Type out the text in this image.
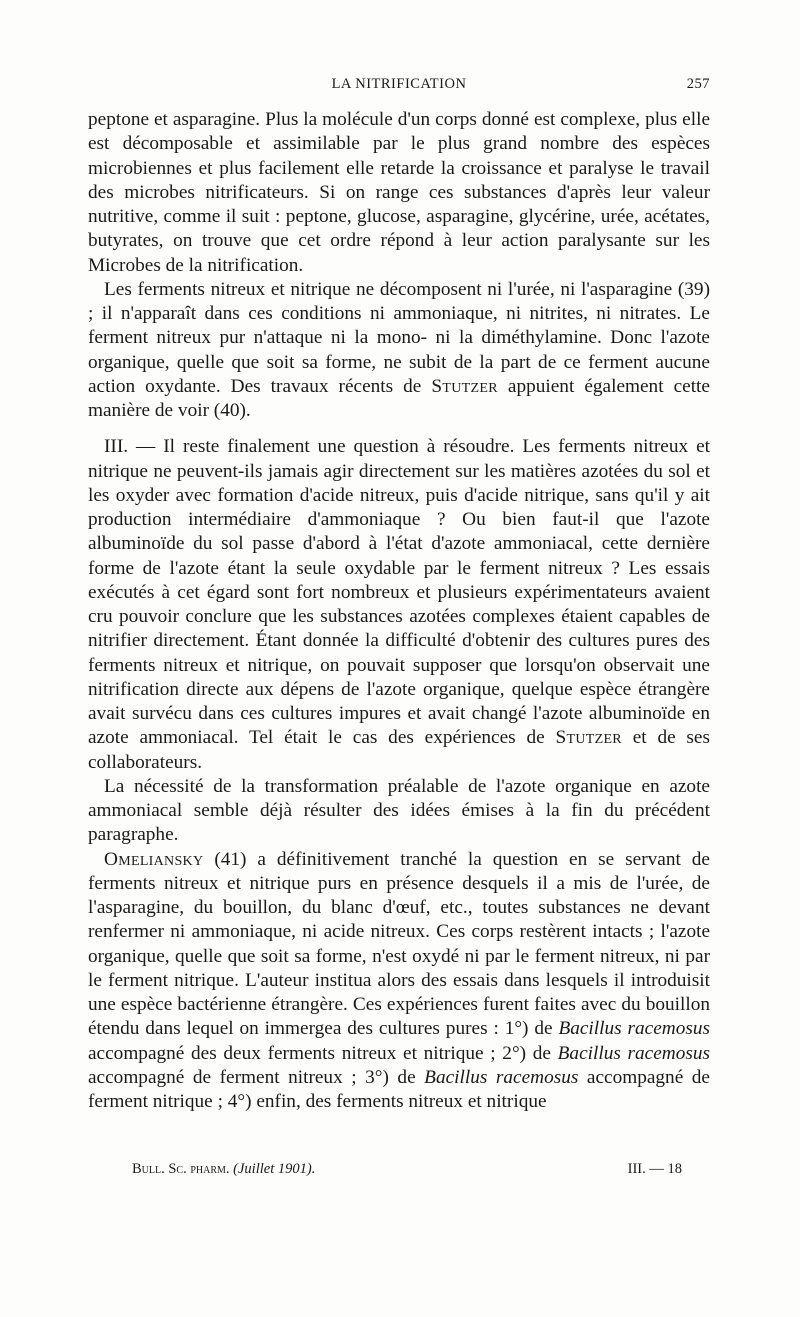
LA NITRIFICATION	257

peptone et asparagine. Plus la molécule d'un corps donné est complexe, plus elle est décomposable et assimilable par le plus grand nombre des espèces microbiennes et plus facilement elle retarde la croissance et paralyse le travail des microbes nitrificateurs. Si on range ces substances d'après leur valeur nutritive, comme il suit : peptone, glucose, asparagine, glycérine, urée, acétates, butyrates, on trouve que cet ordre répond à leur action paralysante sur les Microbes de la nitrification.

Les ferments nitreux et nitrique ne décomposent ni l'urée, ni l'asparagine (39) ; il n'apparaît dans ces conditions ni ammoniaque, ni nitrites, ni nitrates. Le ferment nitreux pur n'attaque ni la mono- ni la diméthylamine. Donc l'azote organique, quelle que soit sa forme, ne subit de la part de ce ferment aucune action oxydante. Des travaux récents de Stutzer appuient également cette manière de voir (40).

III. — Il reste finalement une question à résoudre. Les ferments nitreux et nitrique ne peuvent-ils jamais agir directement sur les matières azotées du sol et les oxyder avec formation d'acide nitreux, puis d'acide nitrique, sans qu'il y ait production intermédiaire d'ammoniaque ? Ou bien faut-il que l'azote albuminoïde du sol passe d'abord à l'état d'azote ammoniacal, cette dernière forme de l'azote étant la seule oxydable par le ferment nitreux ? Les essais exécutés à cet égard sont fort nombreux et plusieurs expérimentateurs avaient cru pouvoir conclure que les substances azotées complexes étaient capables de nitrifier directement. Étant donnée la difficulté d'obtenir des cultures pures des ferments nitreux et nitrique, on pouvait supposer que lorsqu'on observait une nitrification directe aux dépens de l'azote organique, quelque espèce étrangère avait survécu dans ces cultures impures et avait changé l'azote albuminoïde en azote ammoniacal. Tel était le cas des expériences de Stutzer et de ses collaborateurs.

La nécessité de la transformation préalable de l'azote organique en azote ammoniacal semble déjà résulter des idées émises à la fin du précédent paragraphe.

Omeliansky (41) a définitivement tranché la question en se servant de ferments nitreux et nitrique purs en présence desquels il a mis de l'urée, de l'asparagine, du bouillon, du blanc d'œuf, etc., toutes substances ne devant renfermer ni ammoniaque, ni acide nitreux. Ces corps restèrent intacts ; l'azote organique, quelle que soit sa forme, n'est oxydé ni par le ferment nitreux, ni par le ferment nitrique. L'auteur institua alors des essais dans lesquels il introduisit une espèce bactérienne étrangère. Ces expériences furent faites avec du bouillon étendu dans lequel on immergea des cultures pures : 1°) de Bacillus racemosus accompagné des deux ferments nitreux et nitrique ; 2°) de Bacillus racemosus accompagné de ferment nitreux ; 3°) de Bacillus racemosus accompagné de ferment nitrique ; 4°) enfin, des ferments nitreux et nitrique

Bull. Sc. pharm. (Juillet 1901).	III. — 18
